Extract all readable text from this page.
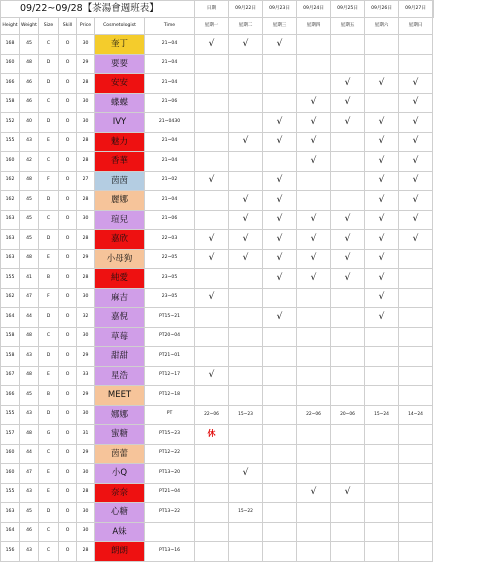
							日期	09月22日	09月23日	09月24日	09月25日	09月26日	09月27日	
Height	Weight	Size	Skill	Price	Cosmetologist	Time	星期一	星期二	星期三	星期四	星期五	星期六	星期日	
168	45	C	O	30	奎丁	21~04	√	√	√					
160	48	D	O	29	要要	21~04								
166	46	D	O	28	安安	21~04					√	√	√	
158	46	C	O	30	蝶蝶	21~06				√	√		√	
152	40	D	O	30	IVY	21~0430			√	√	√	√	√	
155	43	E	O	28	魅力	21~04		√	√	√		√	√	
160	42	C	O	28	香華	21~04				√		√	√	
162	48	F	O	27	茵茵	21~02	√		√			√	√	
162	45	D	O	28	麗娜	21~04		√	√			√	√	
163	45	C	O	30	瑄兒	21~06		√	√	√	√	√	√	
163	45	D	O	28	嘉欣	22~03	√	√	√	√	√	√	√	
163	48	E	O	29	小母狗	22~05	√	√	√	√	√	√		
155	41	B	O	28	純愛	23~05			√	√	√	√		
162	47	F	O	30	麻吉	23~05	√					√		
164	44	D	O	32	嘉倪	PT15~21			√			√		
158	48	C	O	30	草莓	PT20~04								
158	43	D	O	29	甜甜	PT21~01								
167	48	E	O	33	星浩	PT12~17	√							
166	45	B	O	29	MEET	PT12~18								
155	43	D	O	30	娜娜	PT	22~06	15~23		22~06	20~06	15~24	14~24	
157	48	G	O	31	蜜糖	PT15~23	休							
160	44	C	O	29	茵蕾	PT12~22								
160	47	E	O	30	小Q	PT13~20		√						
155	43	E	O	28	奈奈	PT21~04				√	√			
163	45	D	O	30	心糖	PT13~22		15~22						
164	46	C	O	30	A妹									
156	43	C	O	28	朗朗	PT13~16								
09/22~09/28【茶湯會週班表】
